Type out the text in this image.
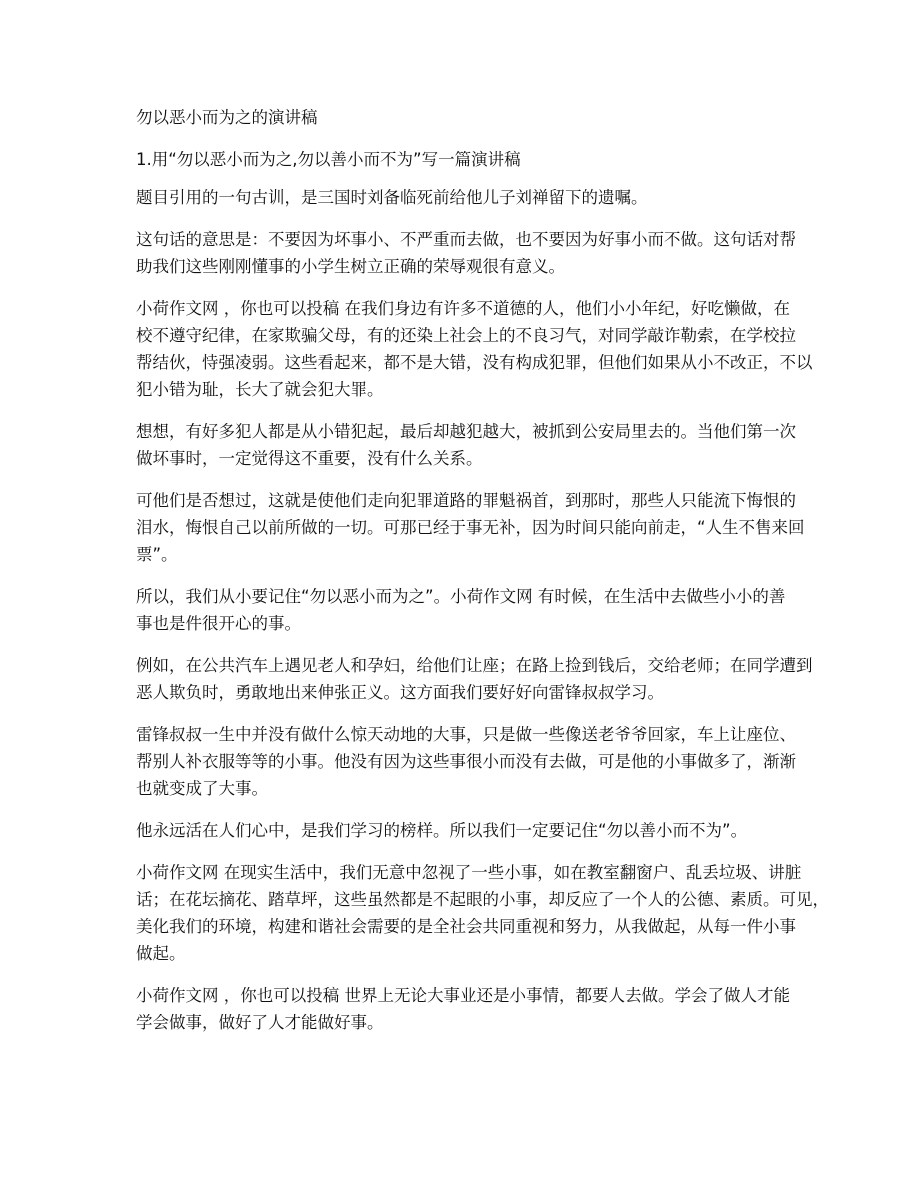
勿以恶小而为之的演讲稿

1.用“勿以恶小而为之,勿以善小而不为”写一篇演讲稿

题目引用的一句古训，是三国时刘备临死前给他儿子刘禅留下的遗嘱。

这句话的意思是：不要因为坏事小、不严重而去做，也不要因为好事小而不做。这句话对帮
助我们这些刚刚懂事的小学生树立正确的荣辱观很有意义。

小荷作文网 ，你也可以投稿 在我们身边有许多不道德的人，他们小小年纪，好吃懒做，在
校不遵守纪律，在家欺骗父母，有的还染上社会上的不良习气，对同学敲诈勒索，在学校拉
帮结伙，恃强凌弱。这些看起来，都不是大错，没有构成犯罪，但他们如果从小不改正，不以
犯小错为耻，长大了就会犯大罪。

想想，有好多犯人都是从小错犯起，最后却越犯越大，被抓到公安局里去的。当他们第一次
做坏事时，一定觉得这不重要，没有什么关系。

可他们是否想过，这就是使他们走向犯罪道路的罪魁祸首，到那时，那些人只能流下悔恨的
泪水，悔恨自己以前所做的一切。可那已经于事无补，因为时间只能向前走，“人生不售来回
票”。

所以，我们从小要记住“勿以恶小而为之”。小荷作文网 有时候，在生活中去做些小小的善
事也是件很开心的事。

例如，在公共汽车上遇见老人和孕妇，给他们让座；在路上捡到钱后，交给老师；在同学遭到
恶人欺负时，勇敢地出来伸张正义。这方面我们要好好向雷锋叔叔学习。

雷锋叔叔一生中并没有做什么惊天动地的大事，只是做一些像送老爷爷回家，车上让座位、
帮别人补衣服等等的小事。他没有因为这些事很小而没有去做，可是他的小事做多了，渐渐
也就变成了大事。

他永远活在人们心中，是我们学习的榜样。所以我们一定要记住“勿以善小而不为”。

小荷作文网 在现实生活中，我们无意中忽视了一些小事，如在教室翻窗户、乱丢垃圾、讲脏
话；在花坛摘花、踏草坪，这些虽然都是不起眼的小事，却反应了一个人的公德、素质。可见，
美化我们的环境，构建和谐社会需要的是全社会共同重视和努力，从我做起，从每一件小事
做起。

小荷作文网 ，你也可以投稿 世界上无论大事业还是小事情，都要人去做。学会了做人才能
学会做事，做好了人才能做好事。
